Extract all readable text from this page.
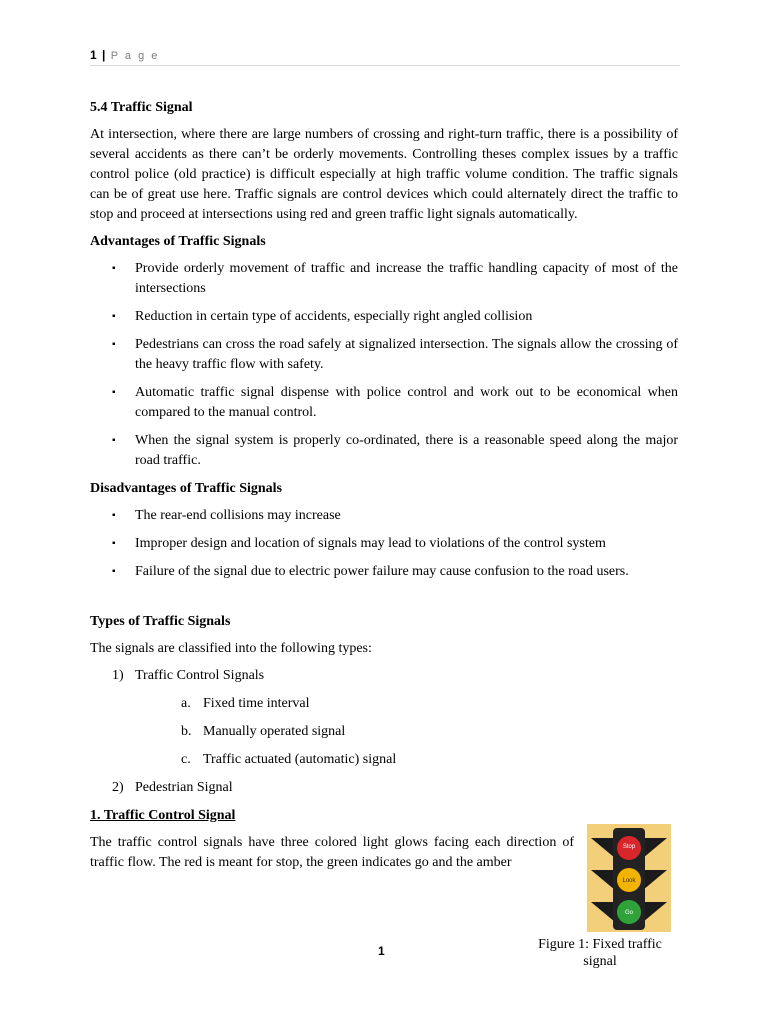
1 | P a g e
5.4 Traffic Signal

At intersection, where there are large numbers of crossing and right-turn traffic, there is a possibility of several accidents as there can’t be orderly movements. Controlling theses complex issues by a traffic control police (old practice) is difficult especially at high traffic volume condition. The traffic signals can be of great use here. Traffic signals are control devices which could alternately direct the traffic to stop and proceed at intersections using red and green traffic light signals automatically.

Advantages of Traffic Signals
▪ Provide orderly movement of traffic and increase the traffic handling capacity of most of the intersections
▪ Reduction in certain type of accidents, especially right angled collision
▪ Pedestrians can cross the road safely at signalized intersection. The signals allow the crossing of the heavy traffic flow with safety.
▪ Automatic traffic signal dispense with police control and work out to be economical when compared to the manual control.
▪ When the signal system is properly co-ordinated, there is a reasonable speed along the major road traffic.
Disadvantages of Traffic Signals
▪ The rear-end collisions may increase
▪ Improper design and location of signals may lead to violations of the control system
▪ Failure of the signal due to electric power failure may cause confusion to the road users.
Types of Traffic Signals

The signals are classified into the following types:

1) Traffic Control Signals
a. Fixed time interval
b. Manually operated signal
c. Traffic actuated (automatic) signal
2) Pedestrian Signal
1. Traffic Control Signal

The traffic control signals have three colored light glows facing each direction of traffic flow. The red is meant for stop, the green indicates go and the amber

Stop
Look
Go
Figure 1: Fixed traffic signal
1
